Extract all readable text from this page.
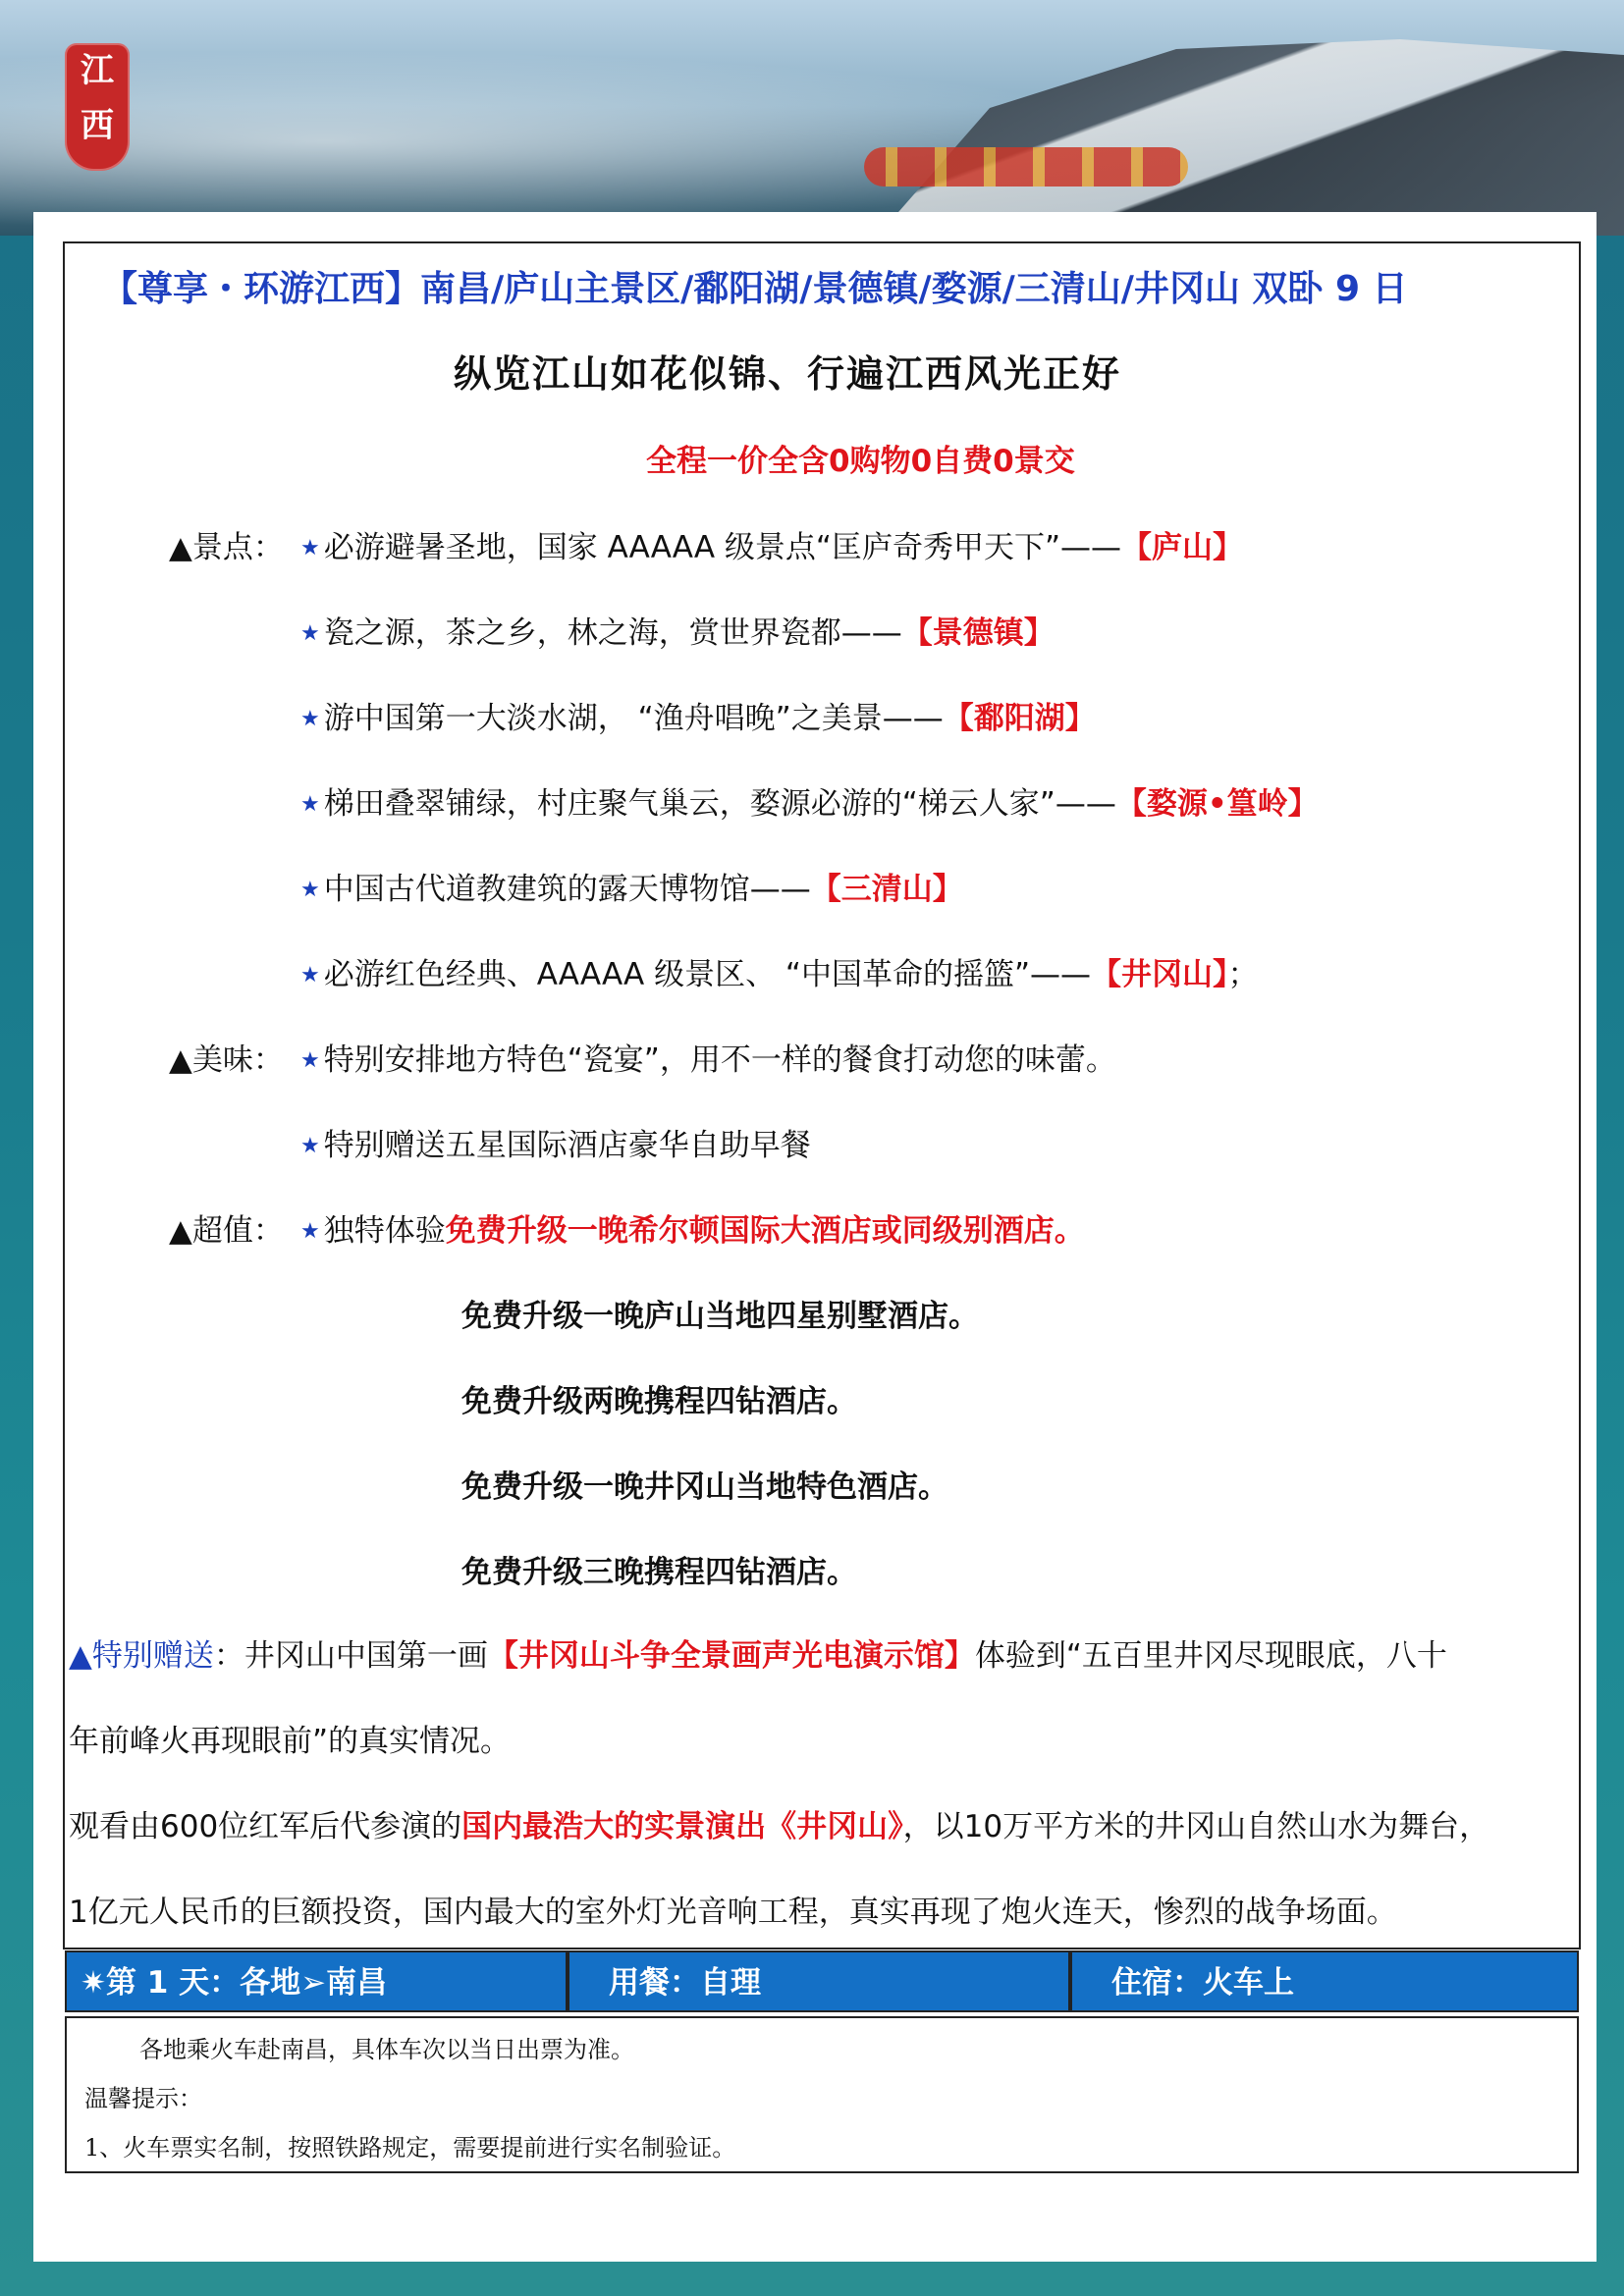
江
西
【尊享・环游江西】南昌/庐山主景区/鄱阳湖/景德镇/婺源/三清山/井冈山 双卧 9 日
纵览江山如花似锦、行遍江西风光正好
全程一价全含0购物0自费0景交
▲景点： ★ 必游避暑圣地，国家 AAAAA 级景点“匡庐奇秀甲天下”——【庐山】
★ 瓷之源，茶之乡，林之海，赏世界瓷都——【景德镇】
★ 游中国第一大淡水湖， “渔舟唱晚”之美景——【鄱阳湖】
★ 梯田叠翠铺绿，村庄聚气巢云，婺源必游的“梯云人家”——【婺源•篁岭】
★ 中国古代道教建筑的露天博物馆——【三清山】
★ 必游红色经典、AAAAA 级景区、 “中国革命的摇篮”——【井冈山】；
▲美味： ★ 特别安排地方特色“瓷宴”，用不一样的餐食打动您的味蕾。
★ 特别赠送五星国际酒店豪华自助早餐
▲超值： ★ 独特体验免费升级一晚希尔顿国际大酒店或同级别酒店。
免费升级一晚庐山当地四星别墅酒店。
免费升级两晚携程四钻酒店。
免费升级一晚井冈山当地特色酒店。
免费升级三晚携程四钻酒店。
▲特别赠送：井冈山中国第一画【井冈山斗争全景画声光电演示馆】体验到“五百里井冈尽现眼底，八十
年前峰火再现眼前”的真实情况。
观看由600位红军后代参演的国内最浩大的实景演出《井冈山》，以10万平方米的井冈山自然山水为舞台，
1亿元人民币的巨额投资，国内最大的室外灯光音响工程，真实再现了炮火连天，惨烈的战争场面。
✷第 1 天：各地➢南昌	用餐：自理	住宿：火车上
各地乘火车赴南昌，具体车次以当日出票为准。
温馨提示：
1、火车票实名制，按照铁路规定，需要提前进行实名制验证。
